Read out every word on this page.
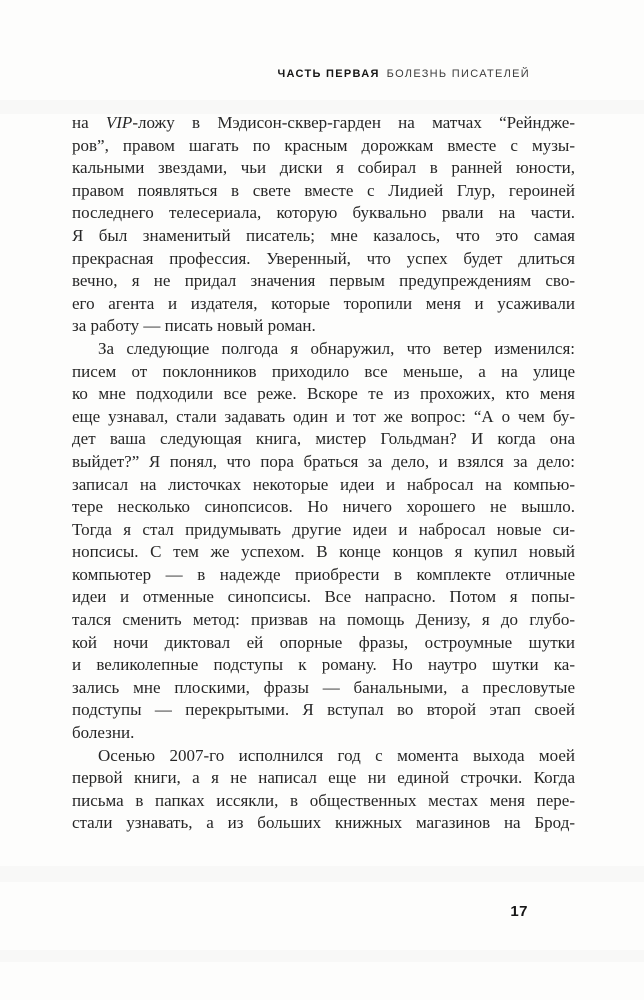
ЧАСТЬ ПЕРВАЯ БОЛЕЗНЬ ПИСАТЕЛЕЙ
на VIP-ложу в Мэдисон-сквер-гарден на матчах “Рейндже-
ров”, правом шагать по красным дорожкам вместе с музы-
кальными звездами, чьи диски я собирал в ранней юности,
правом появляться в свете вместе с Лидией Глур, героиней
последнего телесериала, которую буквально рвали на части.
Я был знаменитый писатель; мне казалось, что это самая
прекрасная профессия. Уверенный, что успех будет длиться
вечно, я не придал значения первым предупреждениям сво-
его агента и издателя, которые торопили меня и усаживали
за работу — писать новый роман.
За следующие полгода я обнаружил, что ветер изменился:
писем от поклонников приходило все меньше, а на улице
ко мне подходили все реже. Вскоре те из прохожих, кто меня
еще узнавал, стали задавать один и тот же вопрос: “А о чем бу-
дет ваша следующая книга, мистер Гольдман? И когда она
выйдет?” Я понял, что пора браться за дело, и взялся за дело:
записал на листочках некоторые идеи и набросал на компью-
тере несколько синопсисов. Но ничего хорошего не вышло.
Тогда я стал придумывать другие идеи и набросал новые си-
нопсисы. С тем же успехом. В конце концов я купил новый
компьютер — в надежде приобрести в комплекте отличные
идеи и отменные синопсисы. Все напрасно. Потом я попы-
тался сменить метод: призвав на помощь Денизу, я до глубо-
кой ночи диктовал ей опорные фразы, остроумные шутки
и великолепные подступы к роману. Но наутро шутки ка-
зались мне плоскими, фразы — банальными, а пресловутые
подступы — перекрытыми. Я вступал во второй этап своей
болезни.
Осенью 2007-го исполнился год с момента выхода моей
первой книги, а я не написал еще ни единой строчки. Когда
письма в папках иссякли, в общественных местах меня пере-
стали узнавать, а из больших книжных магазинов на Брод-
17
